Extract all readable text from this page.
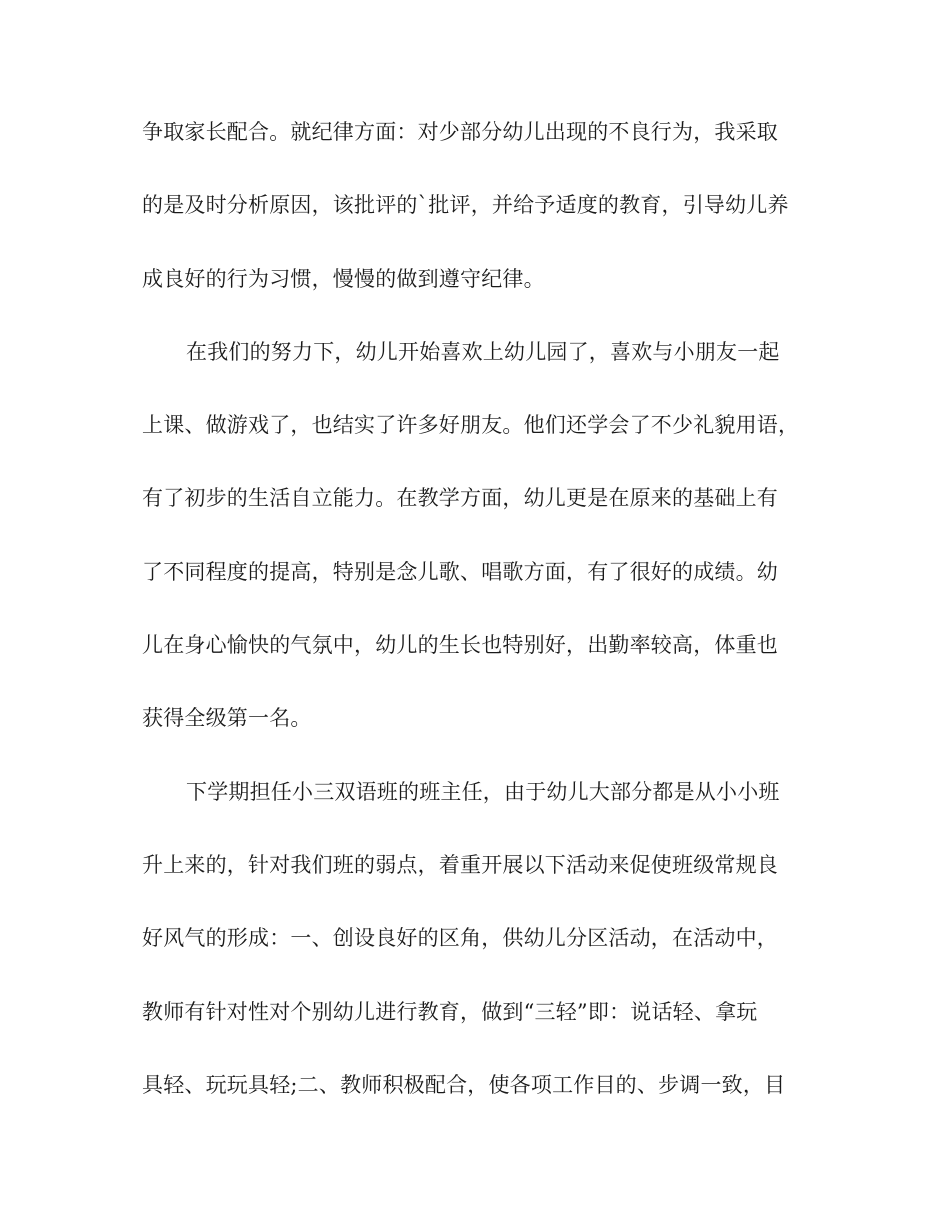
争取家长配合。就纪律方面：对少部分幼儿出现的不良行为，我采取
的是及时分析原因，该批评的`批评，并给予适度的教育，引导幼儿养
成良好的行为习惯，慢慢的做到遵守纪律。
在我们的努力下，幼儿开始喜欢上幼儿园了，喜欢与小朋友一起
上课、做游戏了，也结实了许多好朋友。他们还学会了不少礼貌用语，
有了初步的生活自立能力。在教学方面，幼儿更是在原来的基础上有
了不同程度的提高，特别是念儿歌、唱歌方面，有了很好的成绩。幼
儿在身心愉快的气氛中，幼儿的生长也特别好，出勤率较高，体重也
获得全级第一名。
下学期担任小三双语班的班主任，由于幼儿大部分都是从小小班
升上来的，针对我们班的弱点，着重开展以下活动来促使班级常规良
好风气的形成：一、创设良好的区角，供幼儿分区活动，在活动中，
教师有针对性对个别幼儿进行教育，做到“三轻”即：说话轻、拿玩
具轻、玩玩具轻;二、教师积极配合，使各项工作目的、步调一致，目
